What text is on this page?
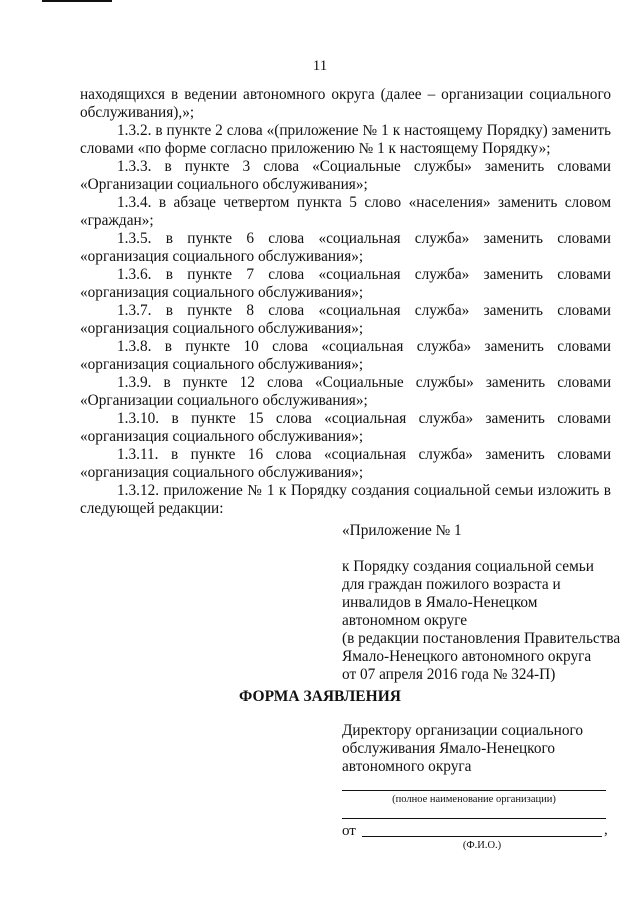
11
находящихся в ведении автономного округа (далее – организации социального
обслуживания),»;
1.3.2. в пункте 2 слова «(приложение № 1 к настоящему Порядку) заменить
словами «по форме согласно приложению № 1 к настоящему Порядку»;
1.3.3. в пункте 3 слова «Социальные службы» заменить словами
«Организации социального обслуживания»;
1.3.4. в абзаце четвертом пункта 5 слово «населения» заменить словом
«граждан»;
1.3.5. в пункте 6 слова «социальная служба» заменить словами
«организация социального обслуживания»;
1.3.6. в пункте 7 слова «социальная служба» заменить словами
«организация социального обслуживания»;
1.3.7. в пункте 8 слова «социальная служба» заменить словами
«организация социального обслуживания»;
1.3.8. в пункте 10 слова «социальная служба» заменить словами
«организация социального обслуживания»;
1.3.9. в пункте 12 слова «Социальные службы» заменить словами
«Организации социального обслуживания»;
1.3.10. в пункте 15 слова «социальная служба» заменить словами
«организация социального обслуживания»;
1.3.11. в пункте 16 слова «социальная служба» заменить словами
«организация социального обслуживания»;
1.3.12. приложение № 1 к Порядку создания социальной семьи изложить в
следующей редакции:
«Приложение № 1
к Порядку создания социальной семьи
для граждан пожилого возраста и
инвалидов в Ямало-Ненецком
автономном округе
(в редакции постановления Правительства
Ямало-Ненецкого автономного округа
от 07 апреля 2016 года № 324-П)
ФОРМА ЗАЯВЛЕНИЯ
Директору организации социального
обслуживания Ямало-Ненецкого
автономного округа
(полное наименование организации)
от	,
(Ф.И.О.)
